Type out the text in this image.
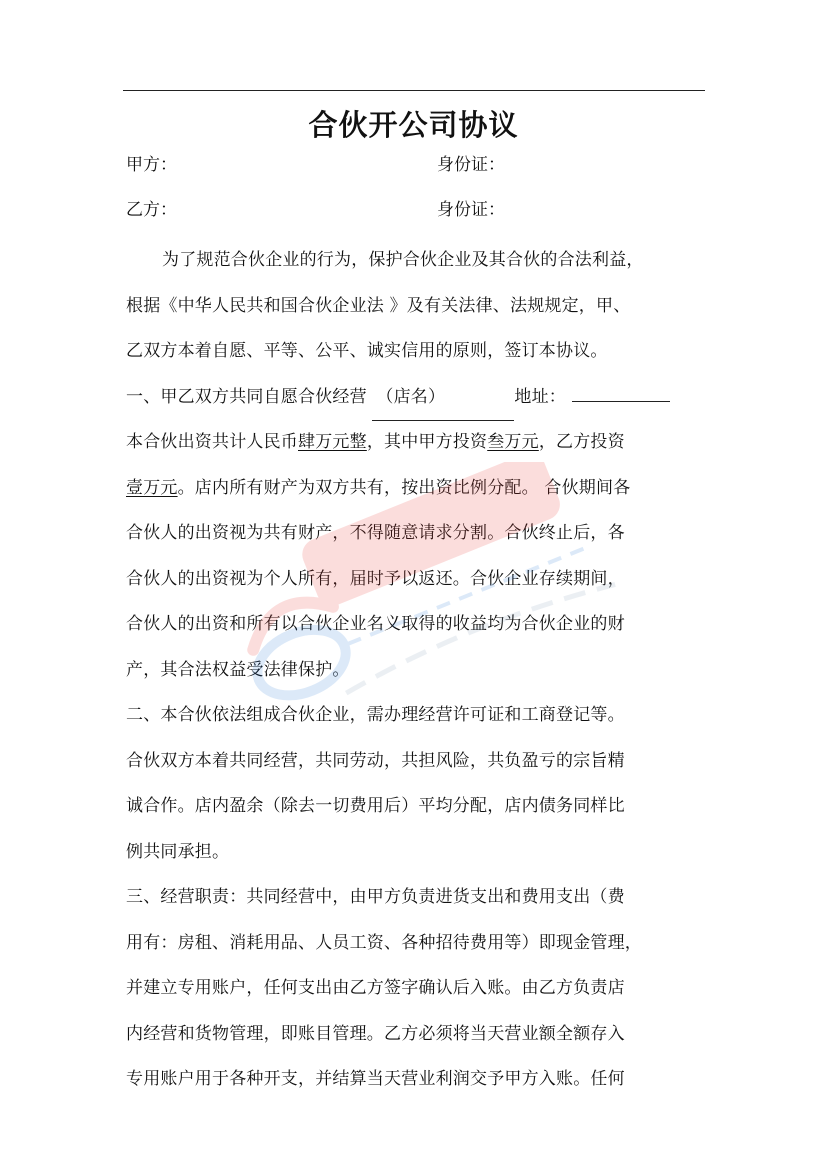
合伙开公司协议
甲方：	身份证：
乙方：	身份证：
为了规范合伙企业的行为，保护合伙企业及其合伙的合法利益，
根据《中华人民共和国合伙企业法 》及有关法律、法规规定，甲、
乙双方本着自愿、平等、公平、诚实信用的原则，签订本协议。
一、甲乙双方共同自愿合伙经营 （店名）	地址：
本合伙出资共计人民币肆万元整，其中甲方投资叁万元，乙方投资
壹万元。店内所有财产为双方共有，按出资比例分配。 合伙期间各
合伙人的出资视为共有财产，不得随意请求分割。合伙终止后，各
合伙人的出资视为个人所有，届时予以返还。合伙企业存续期间，
合伙人的出资和所有以合伙企业名义取得的收益均为合伙企业的财
产，其合法权益受法律保护。
二、本合伙依法组成合伙企业，需办理经营许可证和工商登记等。
合伙双方本着共同经营，共同劳动，共担风险，共负盈亏的宗旨精
诚合作。店内盈余（除去一切费用后）平均分配，店内债务同样比
例共同承担。
三、经营职责：共同经营中，由甲方负责进货支出和费用支出（费
用有：房租、消耗用品、人员工资、各种招待费用等）即现金管理，
并建立专用账户，任何支出由乙方签字确认后入账。由乙方负责店
内经营和货物管理，即账目管理。乙方必须将当天营业额全额存入
专用账户用于各种开支，并结算当天营业利润交予甲方入账。任何
